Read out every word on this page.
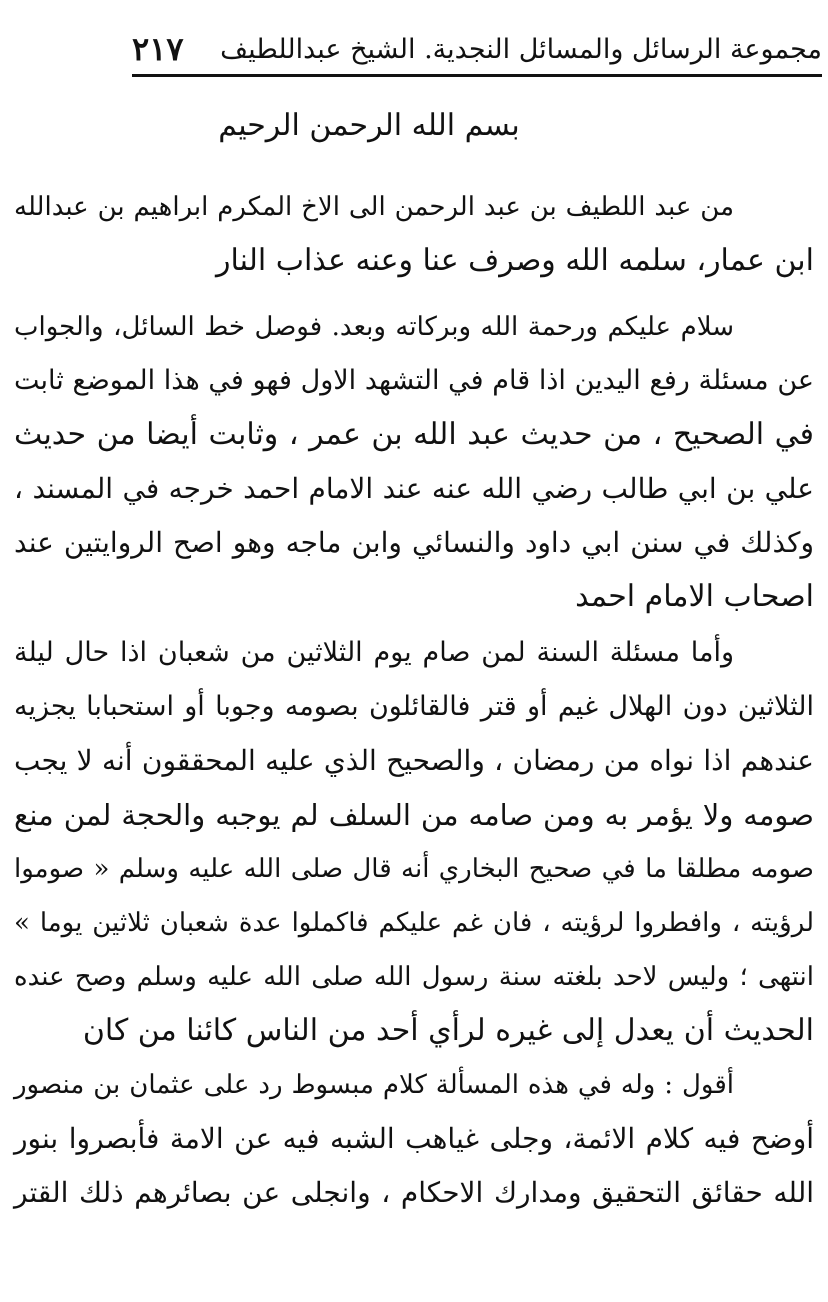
مجموعة الرسائل والمسائل النجدية. الشيخ عبداللطيف
٢١٧
بسم الله الرحمن الرحيم
من عبد اللطيف بن عبد الرحمن الى الاخ المكرم ابراهيم بن عبدالله
ابن عمار، سلمه الله وصرف عنا وعنه عذاب النار
سلام عليكم ورحمة الله وبركاته وبعد. فوصل خط السائل، والجواب
عن مسئلة رفع اليدين اذا قام في التشهد الاول فهو في هذا الموضع ثابت
في الصحيح ، من حديث عبد الله بن عمر ، وثابت أيضا من حديث
علي بن ابي طالب رضي الله عنه عند الامام احمد خرجه في المسند ،
وكذلك في سنن ابي داود والنسائي وابن ماجه وهو اصح الروايتين عند
اصحاب الامام احمد
وأما مسئلة السنة لمن صام يوم الثلاثين من شعبان اذا حال ليلة
الثلاثين دون الهلال غيم أو قتر فالقائلون بصومه وجوبا أو استحبابا يجزيه
عندهم اذا نواه من رمضان ، والصحيح الذي عليه المحققون أنه لا يجب
صومه ولا يؤمر به ومن صامه من السلف لم يوجبه والحجة لمن منع
صومه مطلقا ما في صحيح البخاري أنه قال صلى الله عليه وسلم « صوموا
لرؤيته ، وافطروا لرؤيته ، فان غم عليكم فاكملوا عدة شعبان ثلاثين يوما »
انتهى ؛ وليس لاحد بلغته سنة رسول الله صلى الله عليه وسلم وصح عنده
الحديث أن يعدل إلى غيره لرأي أحد من الناس كائنا من كان
أقول : وله في هذه المسألة كلام مبسوط رد على عثمان بن منصور
أوضح فيه كلام الائمة، وجلى غياهب الشبه فيه عن الامة فأبصروا بنور
الله حقائق التحقيق ومدارك الاحكام ، وانجلى عن بصائرهم ذلك القتر
